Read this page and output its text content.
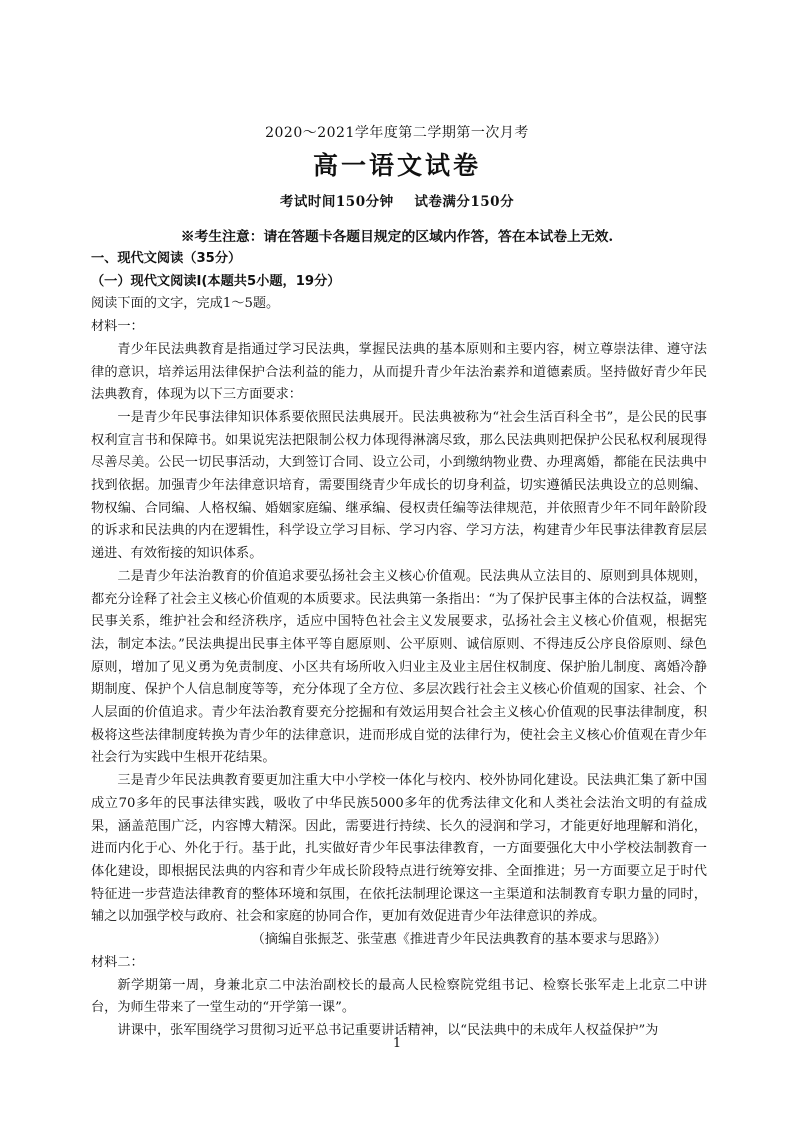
2020～2021学年度第二学期第一次月考
高一语文试卷
考试时间150分钟    试卷满分150分
※考生注意：请在答题卡各题目规定的区域内作答，答在本试卷上无效.

一、现代文阅读（35分）

（一）现代文阅读Ⅰ(本题共5小题，19分）

阅读下面的文字，完成1～5题。

材料一：

青少年民法典教育是指通过学习民法典，掌握民法典的基本原则和主要内容，树立尊崇法律、遵守法律的意识，培养运用法律保护合法利益的能力，从而提升青少年法治素养和道德素质。坚持做好青少年民法典教育，体现为以下三方面要求：

一是青少年民事法律知识体系要依照民法典展开。民法典被称为“社会生活百科全书”，是公民的民事权利宣言书和保障书。如果说宪法把限制公权力体现得淋漓尽致，那么民法典则把保护公民私权利展现得尽善尽美。公民一切民事活动，大到签订合同、设立公司，小到缴纳物业费、办理离婚，都能在民法典中找到依据。加强青少年法律意识培育，需要围绕青少年成长的切身利益，切实遵循民法典设立的总则编、物权编、合同编、人格权编、婚姻家庭编、继承编、侵权责任编等法律规范，并依照青少年不同年龄阶段的诉求和民法典的内在逻辑性，科学设立学习目标、学习内容、学习方法，构建青少年民事法律教育层层递进、有效衔接的知识体系。

二是青少年法治教育的价值追求要弘扬社会主义核心价值观。民法典从立法目的、原则到具体规则，都充分诠释了社会主义核心价值观的本质要求。民法典第一条指出：“为了保护民事主体的合法权益，调整民事关系，维护社会和经济秩序，适应中国特色社会主义发展要求，弘扬社会主义核心价值观，根据宪法，制定本法。”民法典提出民事主体平等自愿原则、公平原则、诚信原则、不得违反公序良俗原则、绿色原则，增加了见义勇为免责制度、小区共有场所收入归业主及业主居住权制度、保护胎儿制度、离婚冷静期制度、保护个人信息制度等等，充分体现了全方位、多层次践行社会主义核心价值观的国家、社会、个人层面的价值追求。青少年法治教育要充分挖掘和有效运用契合社会主义核心价值观的民事法律制度，积极将这些法律制度转换为青少年的法律意识，进而形成自觉的法律行为，使社会主义核心价值观在青少年社会行为实践中生根开花结果。

三是青少年民法典教育要更加注重大中小学校一体化与校内、校外协同化建设。民法典汇集了新中国成立70多年的民事法律实践，吸收了中华民族5000多年的优秀法律文化和人类社会法治文明的有益成果，涵盖范围广泛，内容博大精深。因此，需要进行持续、长久的浸润和学习，才能更好地理解和消化，进而内化于心、外化于行。基于此，扎实做好青少年民事法律教育，一方面要强化大中小学校法制教育一体化建设，即根据民法典的内容和青少年成长阶段特点进行统筹安排、全面推进；另一方面要立足于时代特征进一步营造法律教育的整体环境和氛围，在依托法制理论课这一主渠道和法制教育专职力量的同时，辅之以加强学校与政府、社会和家庭的协同合作，更加有效促进青少年法律意识的养成。

（摘编自张振芝、张莹惠《推进青少年民法典教育的基本要求与思路》）

材料二：

新学期第一周，身兼北京二中法治副校长的最高人民检察院党组书记、检察长张军走上北京二中讲台，为师生带来了一堂生动的“开学第一课”。

讲课中，张军围绕学习贯彻习近平总书记重要讲话精神，以“民法典中的未成年人权益保护”为

1
